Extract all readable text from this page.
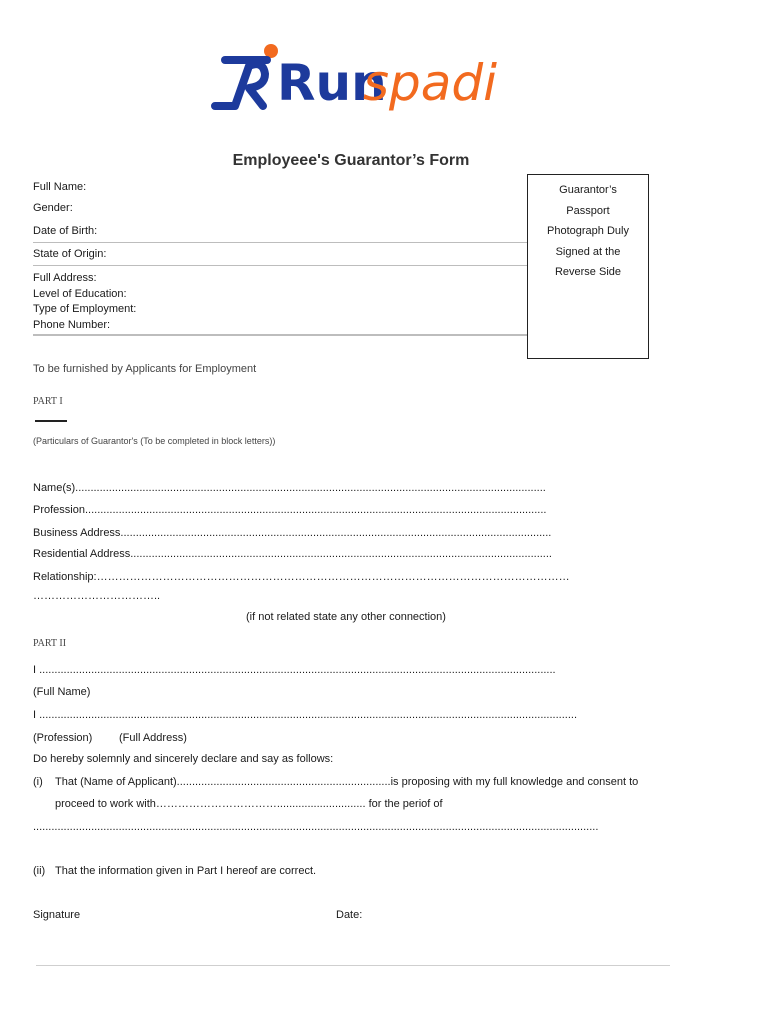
Run
spadi
Employeee's Guarantor’s Form
Full Name:
Gender:
Date of Birth:
State of Origin:
Full Address:
Level of Education:
Type of Employment:
Phone Number:
Guarantor’s
Passport
Photograph Duly
Signed at the
Reverse Side
To be furnished by Applicants for Employment
PART I
(Particulars of Guarantor's (To be completed in block letters))
Name(s)..........................................................................................................................................................
Profession.......................................................................................................................................................
Business Address.............................................................................................................................................
Residential Address..........................................................................................................................................
Relationship:…………………………………………………………………………………………………………………
……………………………..
(if not related state any other connection)
PART II
I .........................................................................................................................................................................
(Full Name)
I ................................................................................................................................................................................
(Profession) (Full Address)
Do hereby solemnly and sincerely declare and say as follows:
(i) That (Name of Applicant)......................................................................is proposing with my full knowledge and consent to
proceed to work with……………………………............................. for the periof of
.........................................................................................................................................................................................
(ii) That the information given in Part I hereof are correct.
Signature	Date:
